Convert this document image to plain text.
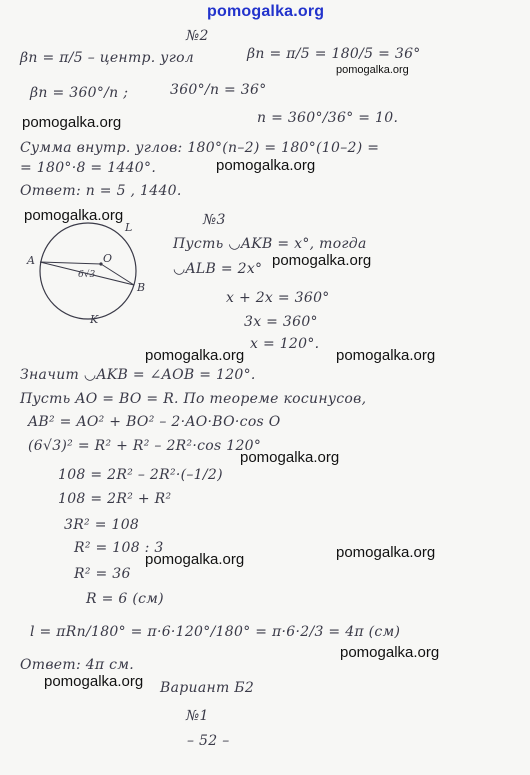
pomogalka.org
№2
βn = π/5 – центр. угол	βn = π/5 = 180/5 = 36°
pomogalka.org
βn = 360°/n ;	360°/n = 36°
pomogalka.org	n = 360°/36° = 10.
Сумма внутр. углов: 180°(n–2) = 180°(10–2) =
= 180°·8 = 1440°.	pomogalka.org
Ответ: n = 5 , 1440.
pomogalka.org
A
B
O
K
L
6√3
№3
Пусть ◡AKB = x°, тогда
◡ALB = 2x° pomogalka.org
x + 2x = 360°
3x = 360°
x = 120°.
pomogalka.org	pomogalka.org
Значит ◡AKB = ∠AOB = 120°.
Пусть AO = BO = R. По теореме косинусов,
AB² = AO² + BO² – 2·AO·BO·cos O
(6√3)² = R² + R² – 2R²·cos 120°
pomogalka.org
108 = 2R² – 2R²·(–1/2)
108 = 2R² + R²
3R² = 108
R² = 108 : 3	pomogalka.org
pomogalka.org
R² = 36
R = 6 (см)
l = πRn/180° = π·6·120°/180° = π·6·2/3 = 4π (см)
pomogalka.org
Ответ: 4π см.
pomogalka.org Вариант Б2
№1
– 52 –
